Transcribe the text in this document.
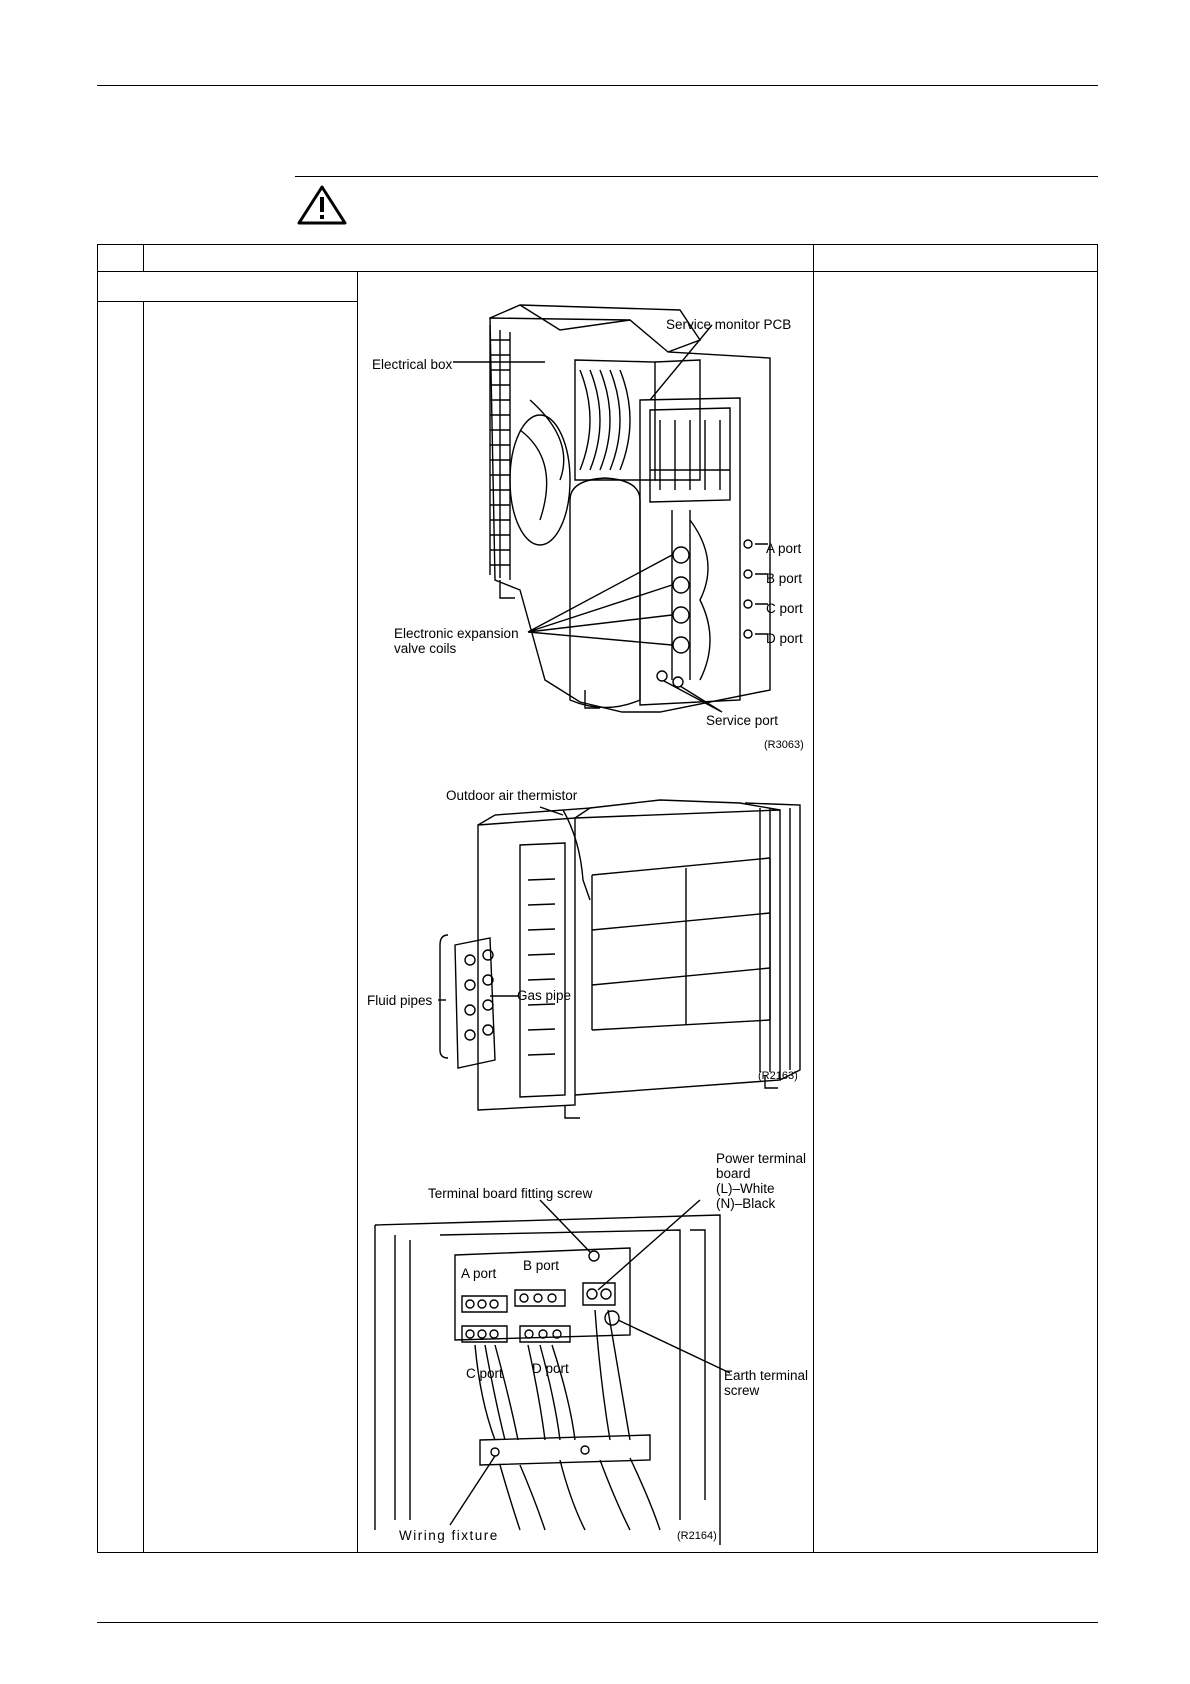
Service monitor PCB
Electrical box
A port
B port
C port
D port
Electronic expansion
valve coils
Service port
(R3063)
Outdoor air thermistor
Fluid pipes	Gas pipe
(R2163)
Power terminal
board
(L)–White
(N)–Black
Terminal board fitting screw
A port
B port
C port D port	Earth terminal
screw
Wiring fixture	(R2164)
